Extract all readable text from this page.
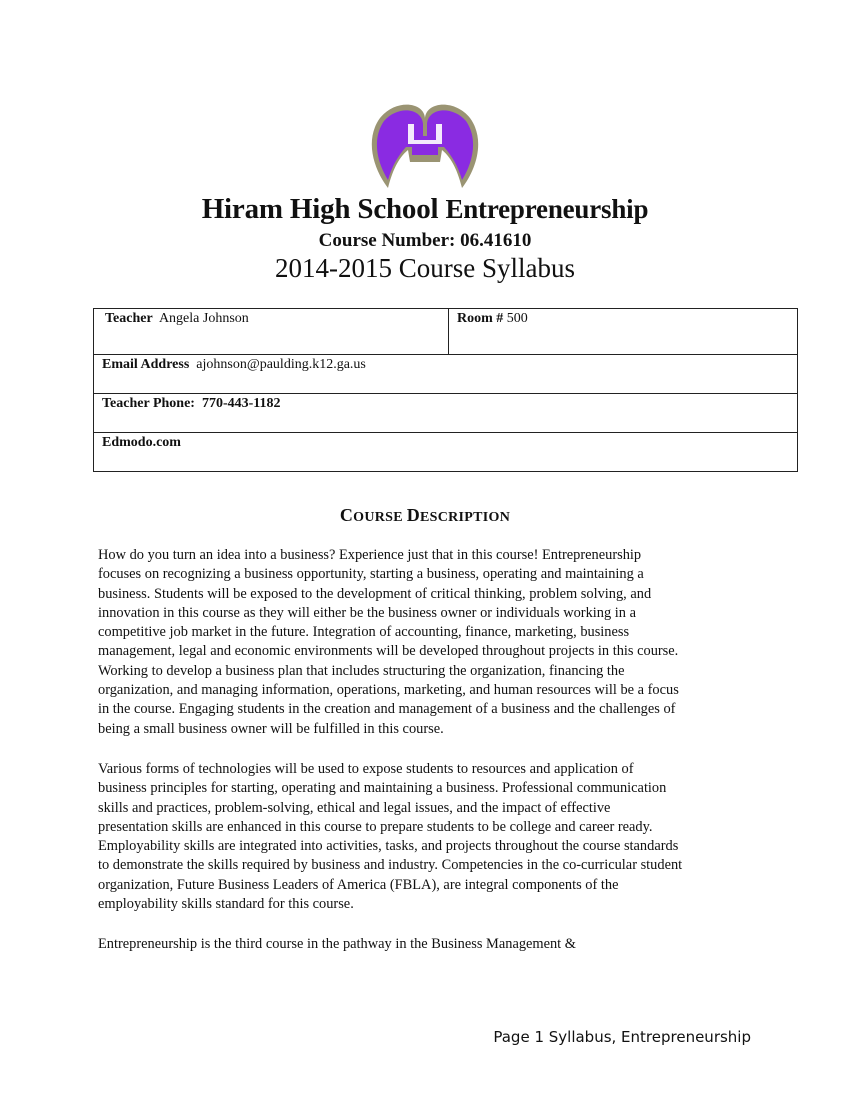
Hiram High School Entrepreneurship
Course Number: 06.41610
2014-2015 Course Syllabus
Teacher Angela Johnson	Room # 500
Email Address ajohnson@paulding.k12.ga.us
Teacher Phone: 770-443-1182
Edmodo.com
COURSE DESCRIPTION
How do you turn an idea into a business? Experience just that in this course! Entrepreneurship
focuses on recognizing a business opportunity, starting a business, operating and maintaining a
business. Students will be exposed to the development of critical thinking, problem solving, and
innovation in this course as they will either be the business owner or individuals working in a
competitive job market in the future. Integration of accounting, finance, marketing, business
management, legal and economic environments will be developed throughout projects in this course.
Working to develop a business plan that includes structuring the organization, financing the
organization, and managing information, operations, marketing, and human resources will be a focus
in the course. Engaging students in the creation and management of a business and the challenges of
being a small business owner will be fulfilled in this course.
Various forms of technologies will be used to expose students to resources and application of
business principles for starting, operating and maintaining a business. Professional communication
skills and practices, problem-solving, ethical and legal issues, and the impact of effective
presentation skills are enhanced in this course to prepare students to be college and career ready.
Employability skills are integrated into activities, tasks, and projects throughout the course standards
to demonstrate the skills required by business and industry. Competencies in the co-curricular student
organization, Future Business Leaders of America (FBLA), are integral components of the
employability skills standard for this course.
Entrepreneurship is the third course in the pathway in the Business Management &
Page 1 Syllabus, Entrepreneurship
